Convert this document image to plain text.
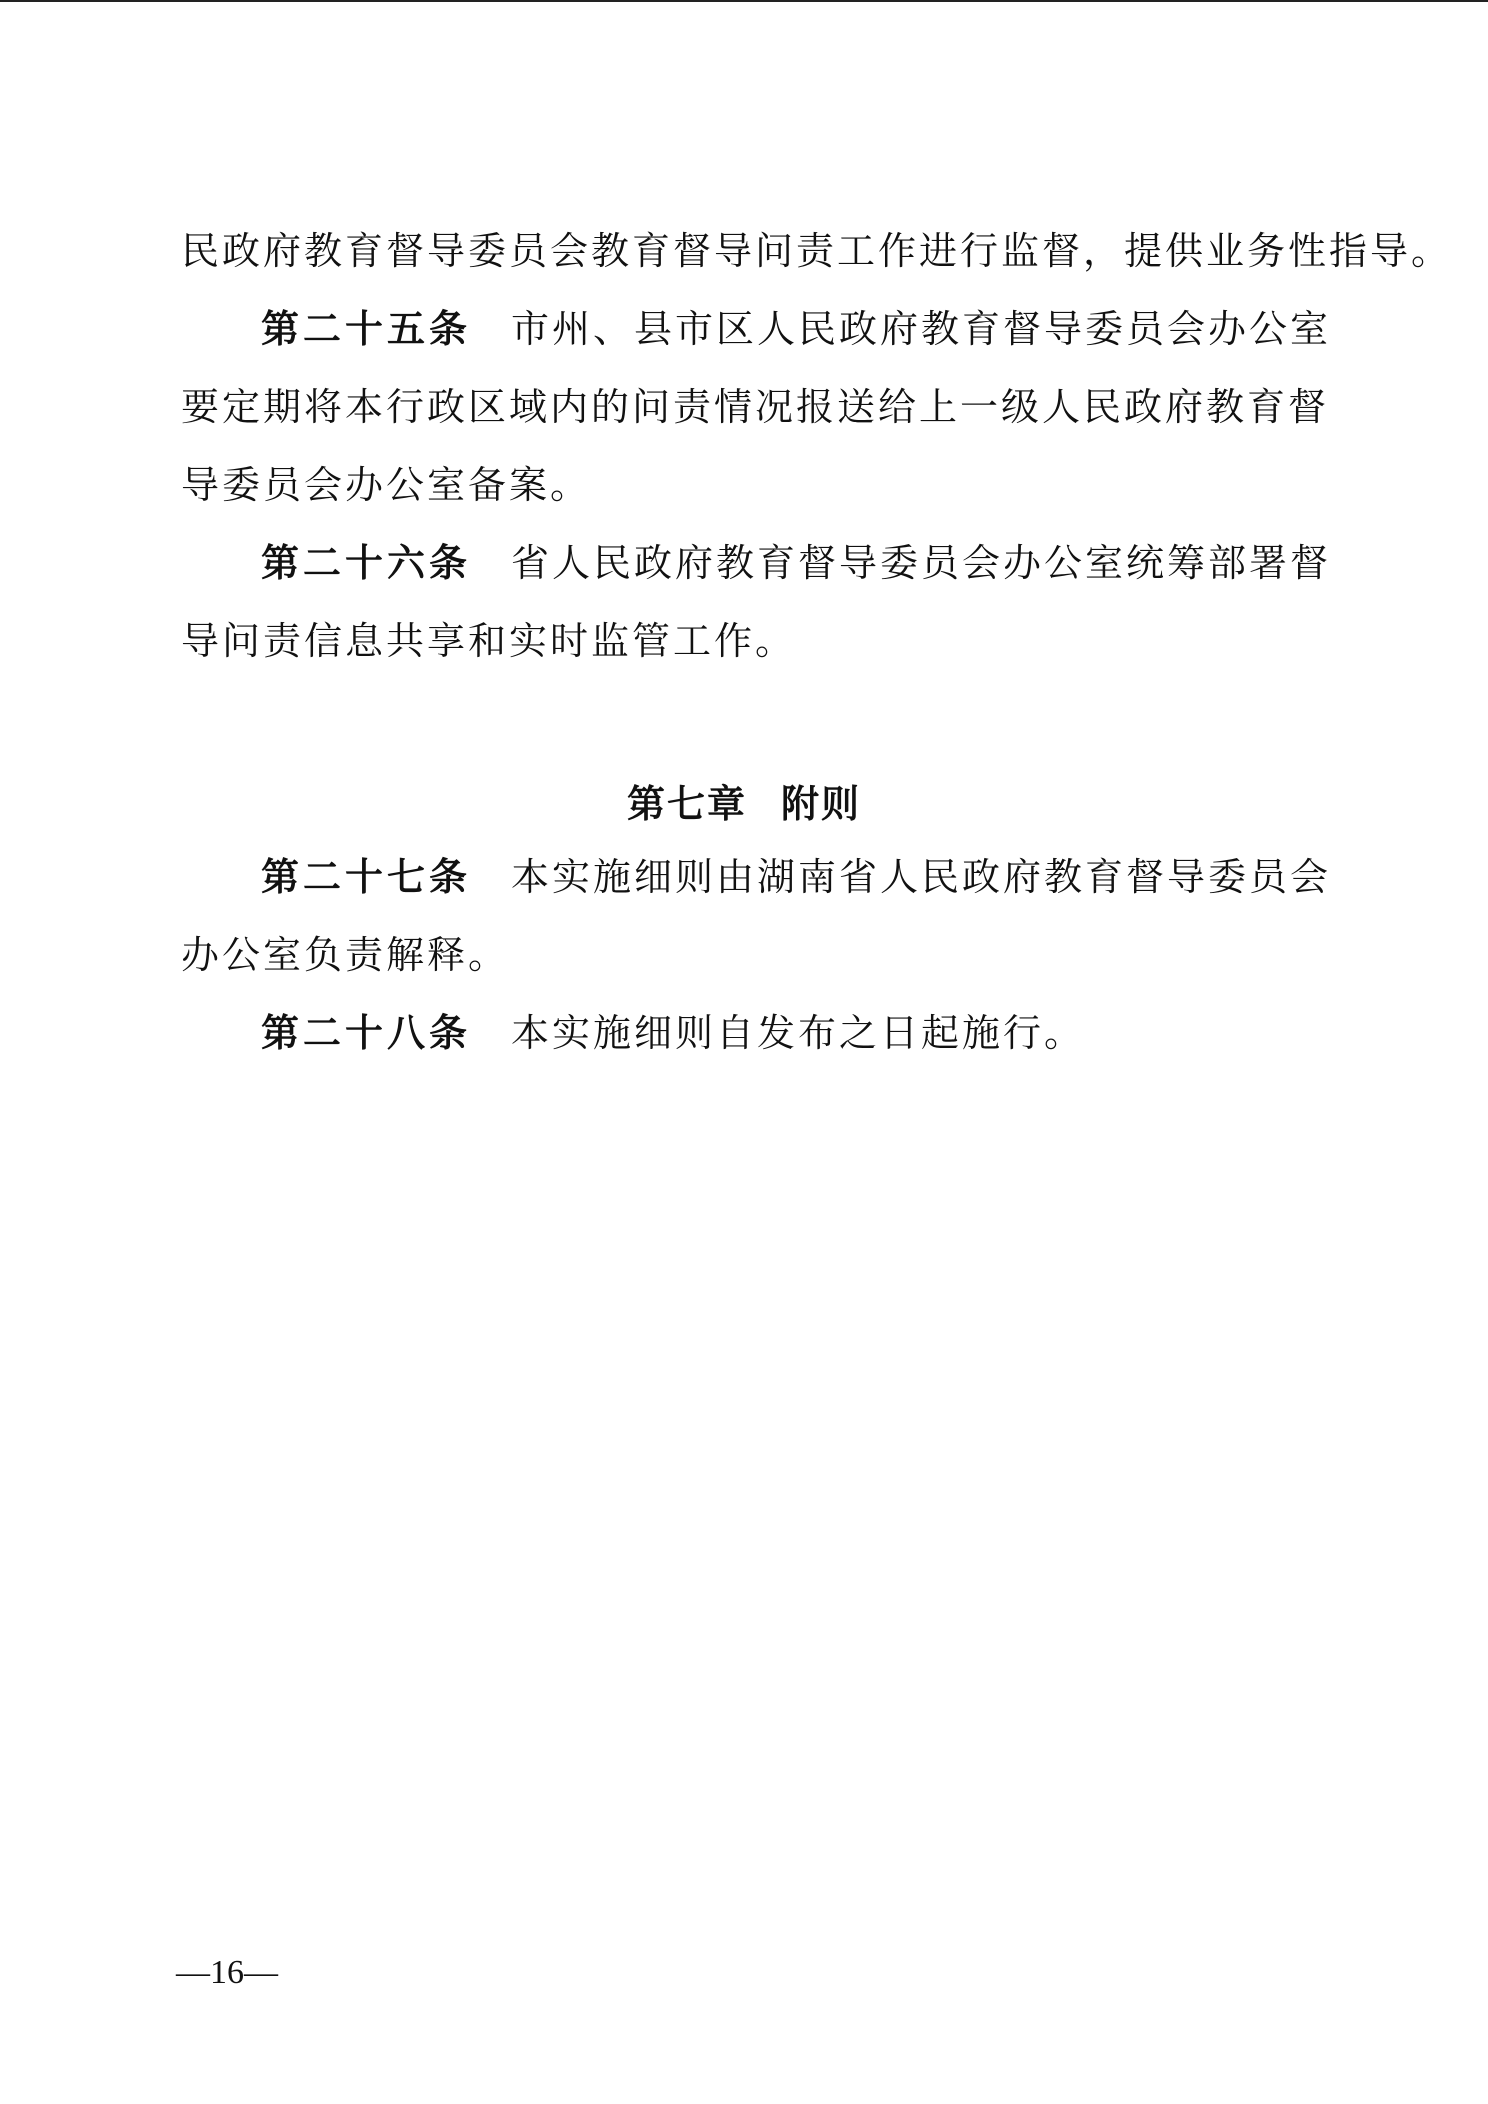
民政府教育督导委员会教育督导问责工作进行监督，提供业务性指导。
第二十五条 市州、县市区人民政府教育督导委员会办公室
要定期将本行政区域内的问责情况报送给上一级人民政府教育督
导委员会办公室备案。
第二十六条 省人民政府教育督导委员会办公室统筹部署督
导问责信息共享和实时监管工作。
第七章 附则
第二十七条 本实施细则由湖南省人民政府教育督导委员会
办公室负责解释。
第二十八条 本实施细则自发布之日起施行。
—16—
